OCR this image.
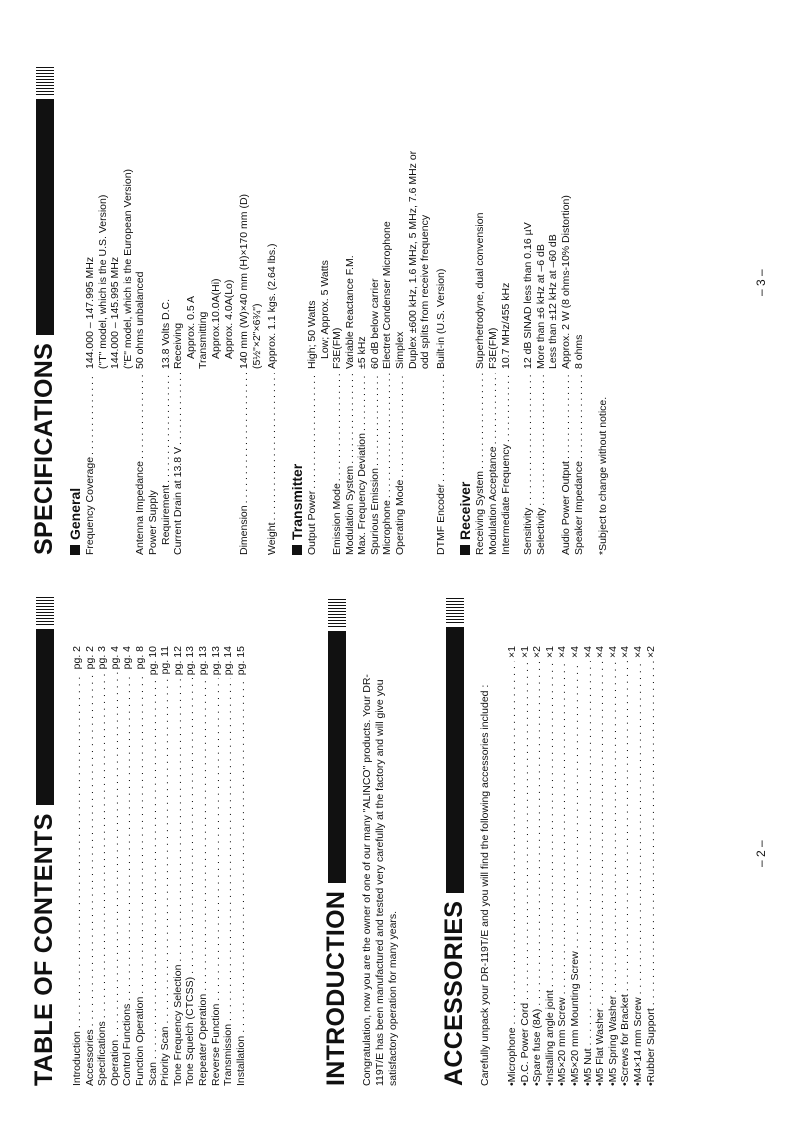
TABLE OF CONTENTS Introduction
. . .
pg. 2
Accessories
. . .
pg. 2
Specifications
. . .
pg. 3
Operation
. . .
pg. 4
Control Functions
. . .
pg. 4
Function Operation
. . .
pg. 8
Scan
. . .
pg. 10
Priority Scan
. . .
pg. 11
Tone Frequency Selection
. . .
pg. 12
Tone Squelch (CTCSS)
. . .
pg. 13
Repeater Operation
. . .
pg. 13
Reverse Function
. . .
pg. 13
Transmission
. . .
pg. 14
Installation
. . .
pg. 15
INTRODUCTION Congratulation, now you are the owner of one of our many "ALINCO" products. Your DR-119T/E has been manufactured and tested very carefully at the factory and will give you satisfactory operation for many years. ACCESSORIES Carefully unpack your DR-119T/E and you will find the following accessories included : •Microphone
. . .
×1
•D.C. Power Cord
. . .
×1
•Spare fuse (8A)
. . .
×2
•Installing angle joint
. . .
×1
•M5×20 mm Screw
. . .
×4
•M5×20 mm Mounting Screw
. . .
×4
•M5 Nut
. . .
×4
•M5 Flat Washer
. . .
×4
•M5 Spring Washer
. . .
×4
•Screws for Bracket
. . .
×4
•M4×14 mm Screw
. . .
×4
•Rubber Support
. . .
×2
– 2 –
SPECIFICATIONS General Frequency Coverage
. . .
144.000 – 147.995 MHz ("T" model, which is the U.S. Version) 144.000 – 145.995 MHz ("E" model, which is the European Version)
Antenna Impedance
. . .
50 ohms unbalanced
Power Supply Requirement
. . .
13.8 Volts D.C.
Current Drain at 13.8 V
. . .
Receiving Approx. 0.5 A Transmitting Approx.10.0A(Hi) Approx. 4.0A(Lo)
Dimension
. . .
140 mm (W)×40 mm (H)×170 mm (D) (5½"×2"×6¾")
Weight
. . .
Approx. 1.1 kgs. (2.64 lbs.)
Transmitter Output Power
. . .
High; 50 Watts Low; Approx. 5 Watts
Emission Mode
. . .
F3E(FM)
Modulation System
. . .
Variable Reactance F.M.
Max. Frequency Deviation
. . .
±5 kHz
Spurious Emission
. . .
60 dB below carrier
Microphone
. . .
Electret Condenser Microphone
Operating Mode
. . .
Simplex Duplex ±600 kHz, 1.6 MHz, 5 MHz, 7.6 MHz or odd splits from receive frequency
DTMF Encoder
. . .
Built-in (U.S. Version)
Receiver Receiving System
. . .
Superhetrodyne, dual convension
Modulation Acceptance
. . .
F3E(FM)
Intermediate Frequency
. . .
10.7 MHz/455 kHz
Sensitivity
. . .
12 dB SINAD less than 0.16 µV
Selectivity
. . .
More than ±6 kHz at –6 dB Less than ±12 kHz at –60 dB
Audio Power Output
. . .
Approx. 2 W (8 ohms-10% Distortion)
Speaker Impedance
. . .
8 ohms
*Subject to change without notice.
– 3 –
